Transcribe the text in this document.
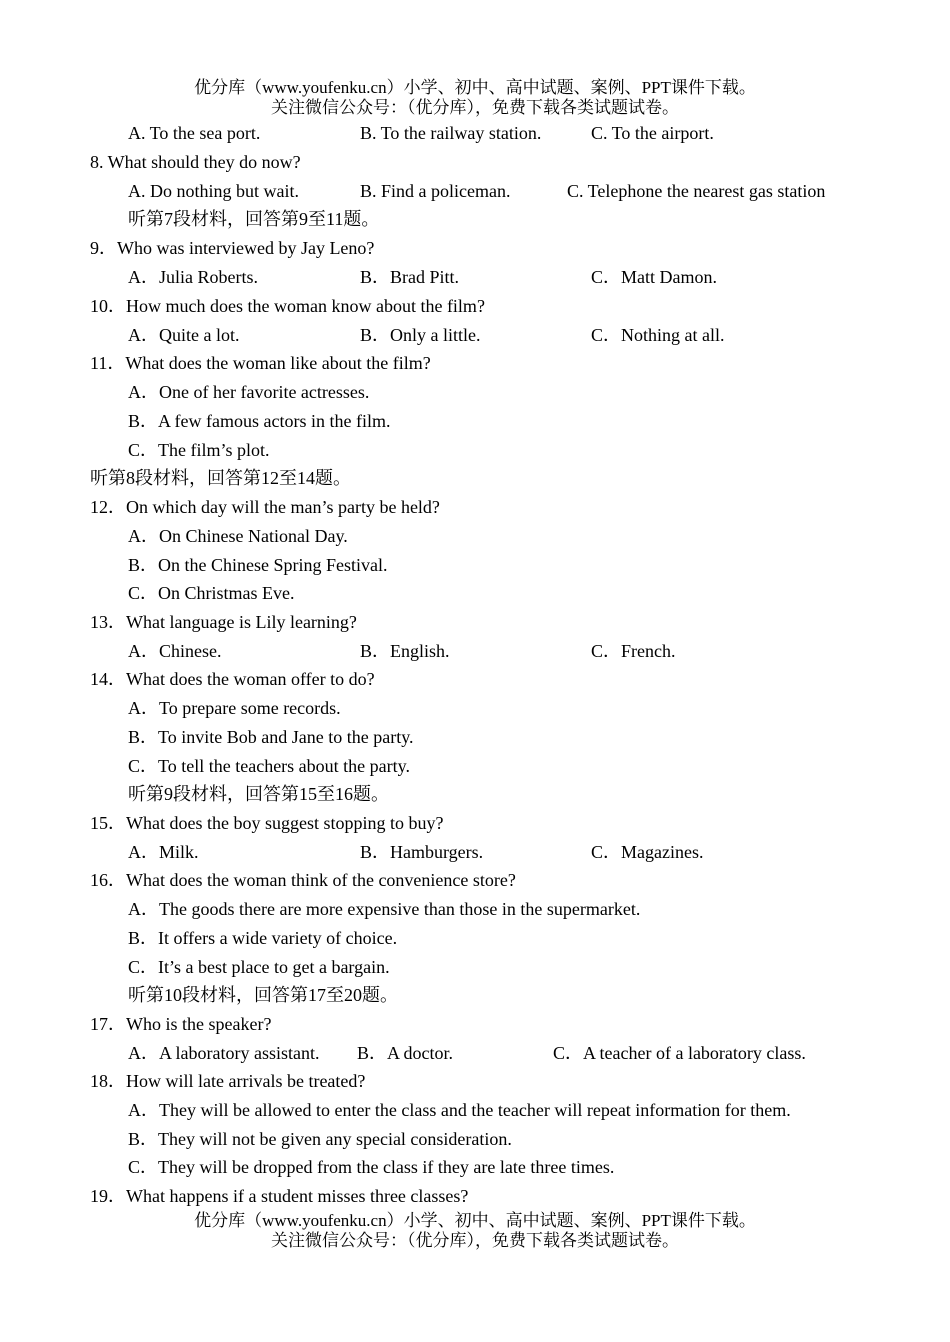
优分库（www.youfenku.cn）小学、初中、高中试题、案例、PPT课件下载。
关注微信公众号：（优分库），免费下载各类试题试卷。
A. To the sea port.	B. To the railway station.	C. To the airport.
8. What should they do now?
A. Do nothing but wait.	B. Find a policeman.	C. Telephone the nearest gas station
听第7段材料，回答第9至11题。
9．Who was interviewed by Jay Leno?
A．Julia Roberts.	B．Brad Pitt.	C．Matt Damon.
10．How much does the woman know about the film?
A．Quite a lot.	B．Only a little.	C．Nothing at all.
11．What does the woman like about the film?
A．One of her favorite actresses.
B．A few famous actors in the film.
C．The film’s plot.
听第8段材料，回答第12至14题。
12．On which day will the man’s party be held?
A．On Chinese National Day.
B．On the Chinese Spring Festival.
C．On Christmas Eve.
13．What language is Lily learning?
A．Chinese.	B．English.	C．French.
14．What does the woman offer to do?
A．To prepare some records.
B．To invite Bob and Jane to the party.
C．To tell the teachers about the party.
听第9段材料，回答第15至16题。
15．What does the boy suggest stopping to buy?
A．Milk.	B．Hamburgers.	C．Magazines.
16．What does the woman think of the convenience store?
A．The goods there are more expensive than those in the supermarket.
B．It offers a wide variety of choice.
C．It’s a best place to get a bargain.
听第10段材料，回答第17至20题。
17．Who is the speaker?
A．A laboratory assistant. B．A doctor.	C．A teacher of a laboratory class.
18．How will late arrivals be treated?
A．They will be allowed to enter the class and the teacher will repeat information for them.
B．They will not be given any special consideration.
C．They will be dropped from the class if they are late three times.
19．What happens if a student misses three classes?
优分库（www.youfenku.cn）小学、初中、高中试题、案例、PPT课件下载。
关注微信公众号：（优分库），免费下载各类试题试卷。
